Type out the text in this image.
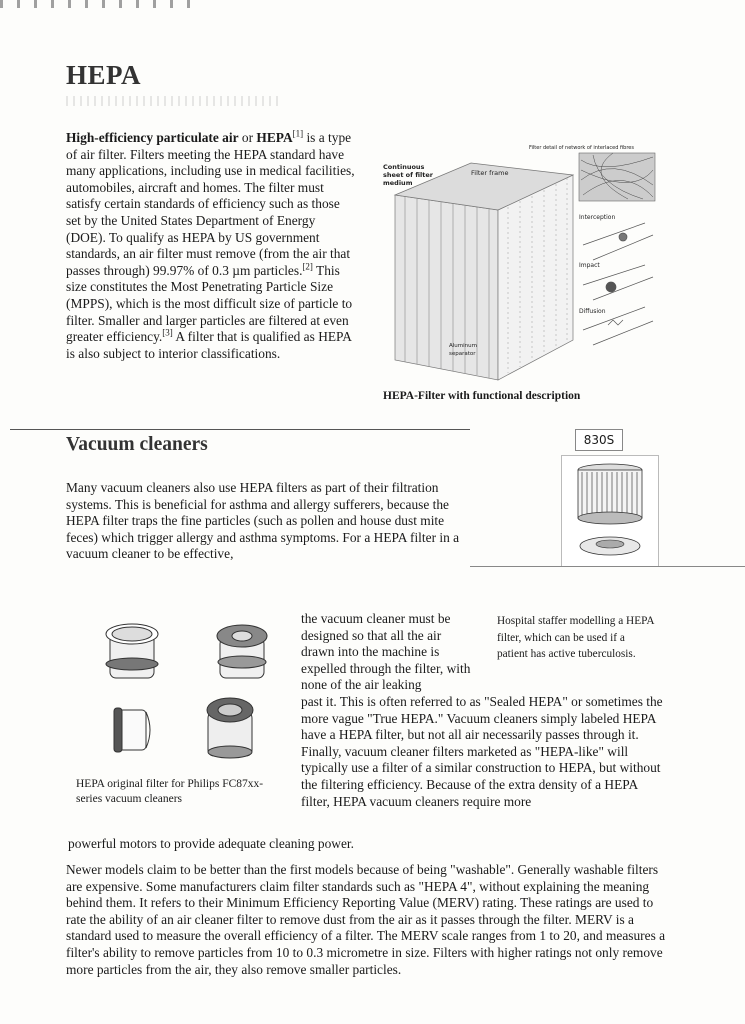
HEPA
High-efficiency particulate air or HEPA[1] is a type of air filter. Filters meeting the HEPA standard have many applications, including use in medical facilities, automobiles, aircraft and homes. The filter must satisfy certain standards of efficiency such as those set by the United States Department of Energy (DOE). To qualify as HEPA by US government standards, an air filter must remove (from the air that passes through) 99.97% of 0.3 µm particles.[2] This size constitutes the Most Penetrating Particle Size (MPPS), which is the most difficult size of particle to filter. Smaller and larger particles are filtered at even greater efficiency.[3] A filter that is qualified as HEPA is also subject to interior classifications.
Continuous
sheet of filter
medium
Filter frame
Filter detail of network of interlaced fibres
Interception
Impact
Diffusion
Aluminum
separator
HEPA-Filter with functional description
Vacuum cleaners	830S
Many vacuum cleaners also use HEPA filters as part of their filtration systems. This is beneficial for asthma and allergy sufferers, because the HEPA filter traps the fine particles (such as pollen and house dust mite feces) which trigger allergy and asthma symptoms. For a HEPA filter in a vacuum cleaner to be effective,
HEPA original filter for Philips FC87xx-series vacuum cleaners
Hospital staffer modelling a HEPA filter, which can be used if a patient has active tuberculosis.
the vacuum cleaner must be designed so that all the air drawn into the machine is expelled through the filter, with none of the air leaking
past it. This is often referred to as "Sealed HEPA" or sometimes the more vague "True HEPA." Vacuum cleaners simply labeled HEPA have a HEPA filter, but not all air necessarily passes through it. Finally, vacuum cleaner filters marketed as "HEPA-like" will typically use a filter of a similar construction to HEPA, but without the filtering efficiency. Because of the extra density of a HEPA filter, HEPA vacuum cleaners require more
powerful motors to provide adequate cleaning power.
Newer models claim to be better than the first models because of being "washable". Generally washable filters are expensive. Some manufacturers claim filter standards such as "HEPA 4", without explaining the meaning behind them. It refers to their Minimum Efficiency Reporting Value (MERV) rating. These ratings are used to rate the ability of an air cleaner filter to remove dust from the air as it passes through the filter. MERV is a standard used to measure the overall efficiency of a filter. The MERV scale ranges from 1 to 20, and measures a filter's ability to remove particles from 10 to 0.3 micrometre in size. Filters with higher ratings not only remove more particles from the air, they also remove smaller particles.
